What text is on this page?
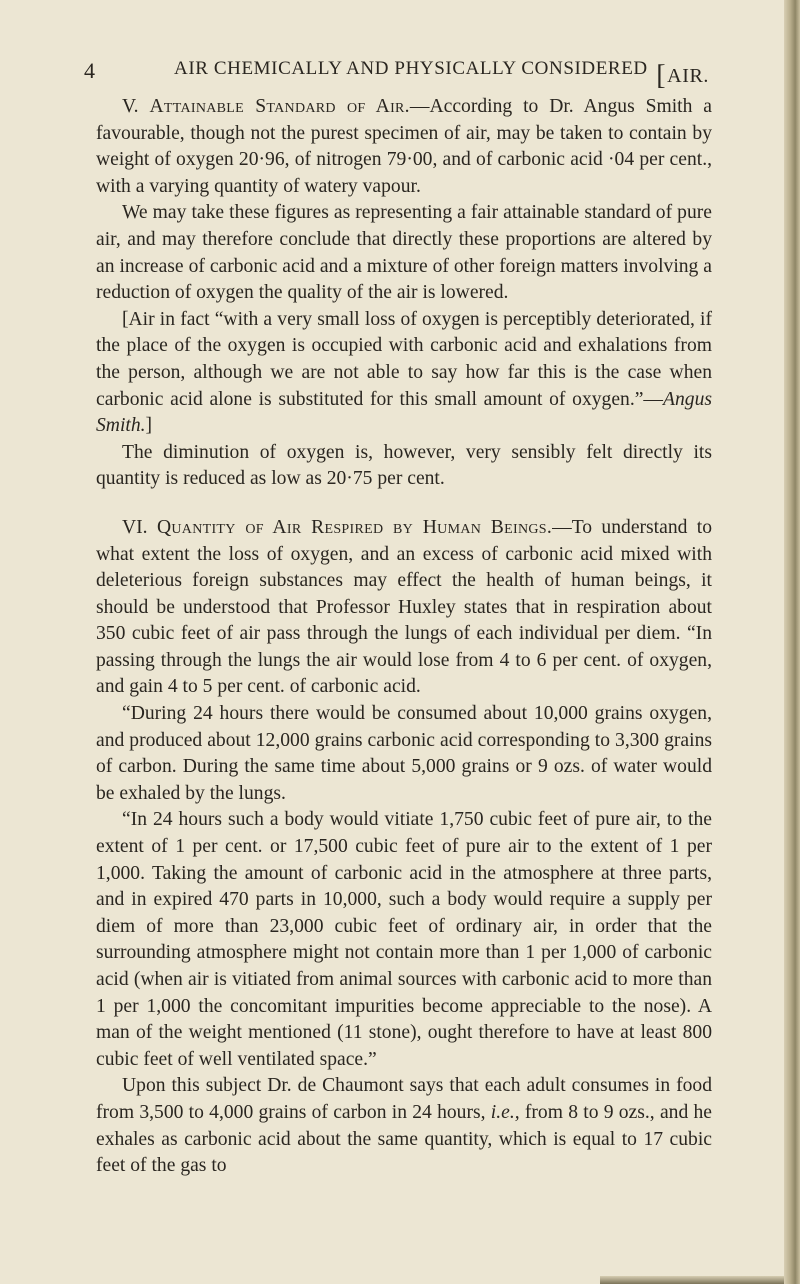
4	AIR CHEMICALLY AND PHYSICALLY CONSIDERED [AIR.

V. Attainable Standard of Air.—According to Dr. Angus Smith a favourable, though not the purest specimen of air, may be taken to contain by weight of oxygen 20·96, of nitrogen 79·00, and of carbonic acid ·04 per cent., with a varying quantity of watery vapour.

We may take these figures as representing a fair attainable standard of pure air, and may therefore conclude that directly these proportions are altered by an increase of carbonic acid and a mixture of other foreign matters involving a reduction of oxygen the quality of the air is lowered.

[Air in fact “with a very small loss of oxygen is perceptibly deteriorated, if the place of the oxygen is occupied with carbonic acid and exhalations from the person, although we are not able to say how far this is the case when carbonic acid alone is substituted for this small amount of oxygen.”—Angus Smith.]

The diminution of oxygen is, however, very sensibly felt directly its quantity is reduced as low as 20·75 per cent.

VI. Quantity of Air Respired by Human Beings.—To understand to what extent the loss of oxygen, and an excess of carbonic acid mixed with deleterious foreign substances may effect the health of human beings, it should be understood that Professor Huxley states that in respiration about 350 cubic feet of air pass through the lungs of each individual per diem. “In passing through the lungs the air would lose from 4 to 6 per cent. of oxygen, and gain 4 to 5 per cent. of carbonic acid.

“During 24 hours there would be consumed about 10,000 grains oxygen, and produced about 12,000 grains carbonic acid corresponding to 3,300 grains of carbon. During the same time about 5,000 grains or 9 ozs. of water would be exhaled by the lungs.

“In 24 hours such a body would vitiate 1,750 cubic feet of pure air, to the extent of 1 per cent. or 17,500 cubic feet of pure air to the extent of 1 per 1,000. Taking the amount of carbonic acid in the atmosphere at three parts, and in expired 470 parts in 10,000, such a body would require a supply per diem of more than 23,000 cubic feet of ordinary air, in order that the surrounding atmosphere might not contain more than 1 per 1,000 of carbonic acid (when air is vitiated from animal sources with carbonic acid to more than 1 per 1,000 the concomitant impurities become appreciable to the nose). A man of the weight mentioned (11 stone), ought therefore to have at least 800 cubic feet of well ventilated space.”

Upon this subject Dr. de Chaumont says that each adult consumes in food from 3,500 to 4,000 grains of carbon in 24 hours, i.e., from 8 to 9 ozs., and he exhales as carbonic acid about the same quantity, which is equal to 17 cubic feet of the gas to
